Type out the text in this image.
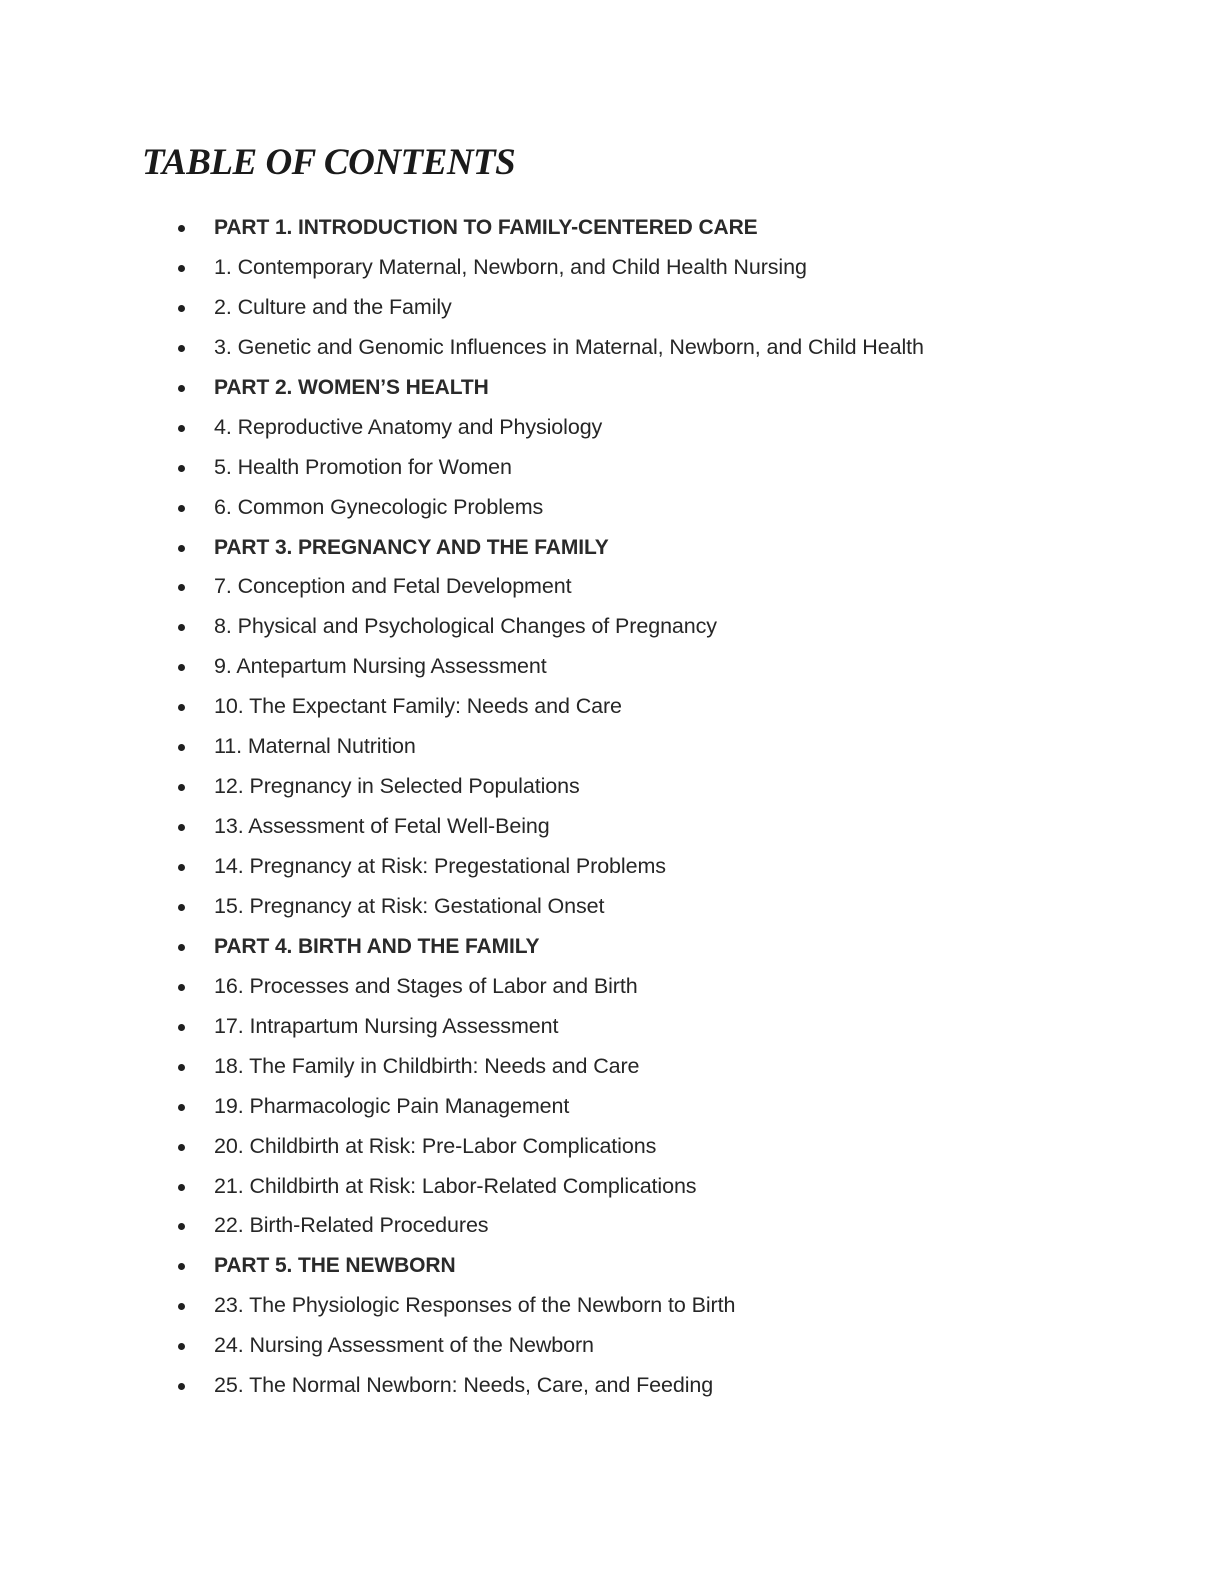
TABLE OF CONTENTS
PART 1. INTRODUCTION TO FAMILY-CENTERED CARE
1. Contemporary Maternal, Newborn, and Child Health Nursing
2. Culture and the Family
3. Genetic and Genomic Influences in Maternal, Newborn, and Child Health
PART 2. WOMEN’S HEALTH
4. Reproductive Anatomy and Physiology
5. Health Promotion for Women
6. Common Gynecologic Problems
PART 3. PREGNANCY AND THE FAMILY
7. Conception and Fetal Development
8. Physical and Psychological Changes of Pregnancy
9. Antepartum Nursing Assessment
10. The Expectant Family: Needs and Care
11. Maternal Nutrition
12. Pregnancy in Selected Populations
13. Assessment of Fetal Well-Being
14. Pregnancy at Risk: Pregestational Problems
15. Pregnancy at Risk: Gestational Onset
PART 4. BIRTH AND THE FAMILY
16. Processes and Stages of Labor and Birth
17. Intrapartum Nursing Assessment
18. The Family in Childbirth: Needs and Care
19. Pharmacologic Pain Management
20. Childbirth at Risk: Pre-Labor Complications
21. Childbirth at Risk: Labor-Related Complications
22. Birth-Related Procedures
PART 5. THE NEWBORN
23. The Physiologic Responses of the Newborn to Birth
24. Nursing Assessment of the Newborn
25. The Normal Newborn: Needs, Care, and Feeding
